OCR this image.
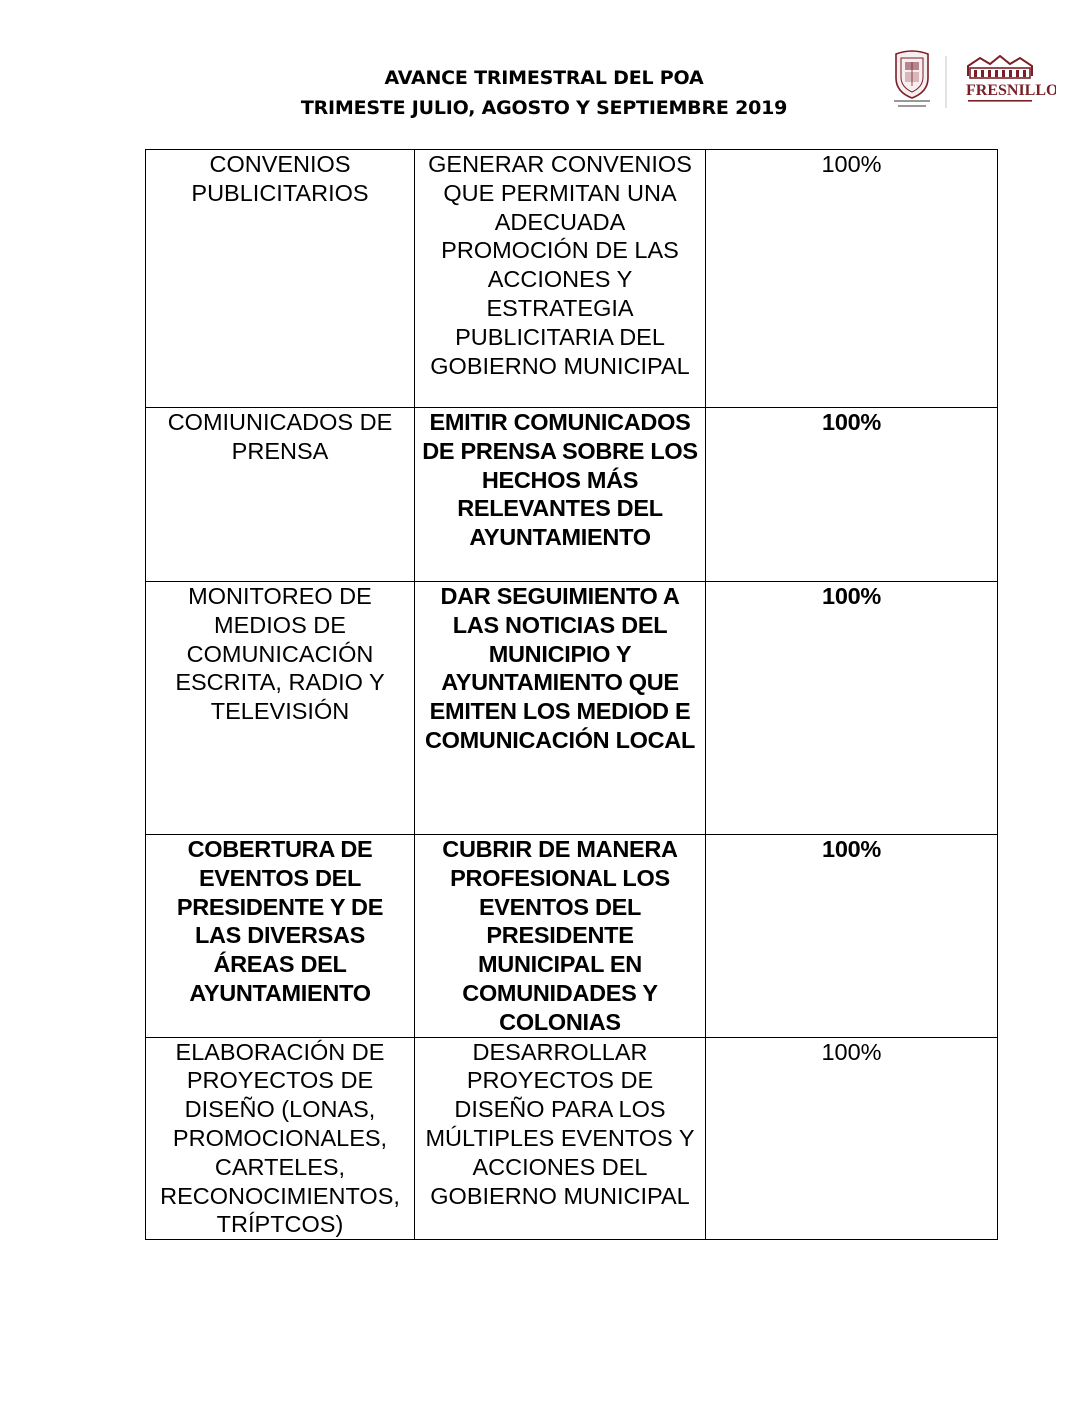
AVANCE TRIMESTRAL DEL POA
TRIMESTE JULIO, AGOSTO Y SEPTIEMBRE 2019
FRESNILLO
CONVENIOS PUBLICITARIOS	GENERAR CONVENIOS QUE PERMITAN UNA ADECUADA PROMOCIÓN DE LAS ACCIONES Y ESTRATEGIA PUBLICITARIA DEL GOBIERNO MUNICIPAL	100%
COMIUNICADOS DE PRENSA	EMITIR COMUNICADOS DE PRENSA SOBRE LOS HECHOS MÁS RELEVANTES DEL AYUNTAMIENTO	100%
MONITOREO DE MEDIOS DE COMUNICACIÓN ESCRITA, RADIO Y TELEVISIÓN	DAR SEGUIMIENTO A LAS NOTICIAS DEL MUNICIPIO Y AYUNTAMIENTO QUE EMITEN LOS MEDIOD E COMUNICACIÓN LOCAL	100%
COBERTURA DE EVENTOS DEL PRESIDENTE Y DE LAS DIVERSAS ÁREAS DEL AYUNTAMIENTO	CUBRIR DE MANERA PROFESIONAL LOS EVENTOS DEL PRESIDENTE MUNICIPAL EN COMUNIDADES Y COLONIAS	100%
ELABORACIÓN DE PROYECTOS DE DISEÑO (LONAS, PROMOCIONALES, CARTELES, RECONOCIMIENTOS, TRÍPTCOS)	DESARROLLAR PROYECTOS DE DISEÑO PARA LOS MÚLTIPLES EVENTOS Y ACCIONES DEL GOBIERNO MUNICIPAL	100%
